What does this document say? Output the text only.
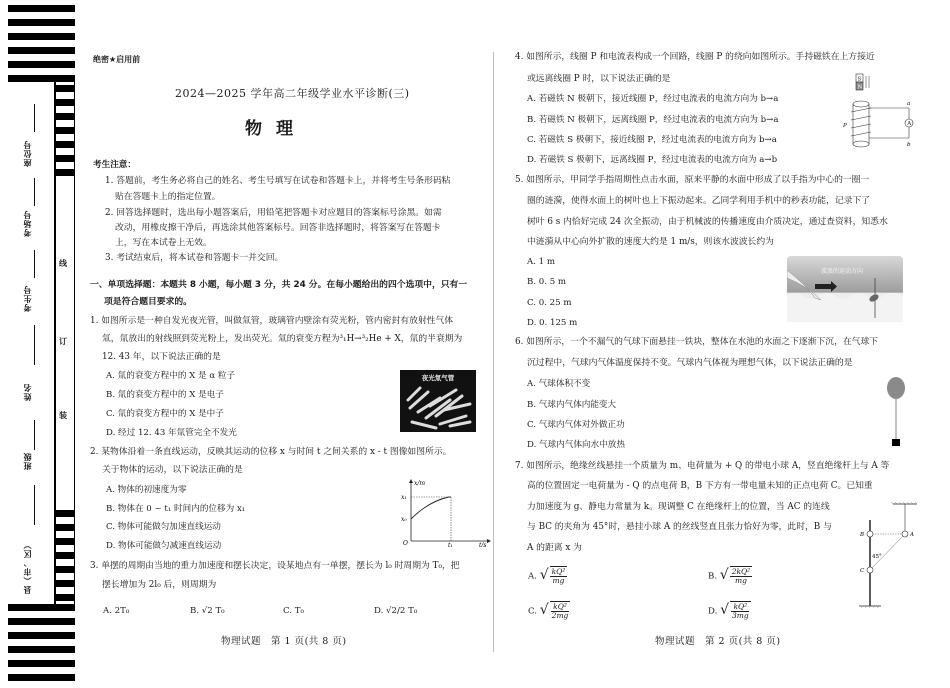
座位号
考场号
考生号
姓名
班级
县（市、区）
线
订
装
绝密★启用前
2024—2025 学年高二年级学业水平诊断(三)
物理
考生注意：
1. 答题前，考生务必将自己的姓名、考生号填写在试卷和答题卡上，并将考生号条形码粘
贴在答题卡上的指定位置。
2. 回答选择题时，选出每小题答案后，用铅笔把答题卡对应题目的答案标号涂黑。如需
改动，用橡皮擦干净后，再选涂其他答案标号。回答非选择题时，将答案写在答题卡
上，写在本试卷上无效。
3. 考试结束后，将本试卷和答题卡一并交回。
一、单项选择题：本题共 8 小题，每小题 3 分，共 24 分。在每小题给出的四个选项中，只有一
项是符合题目要求的。
1. 如图所示是一种自发光夜光管，叫做氚管，玻璃管内壁涂有荧光粉，管内密封有放射性气体
氚，氚放出的射线照到荧光粉上，发出荧光。氚的衰变方程为³₁H→³₂He + X，氚的半衰期为
12. 43 年，以下说法正确的是
A. 氚的衰变方程中的 X 是 α 粒子
B. 氚的衰变方程中的 X 是电子
C. 氚的衰变方程中的 X 是中子
D. 经过 12. 43 年氚管完全不发光
夜光氚气管
2. 某物体沿着一条直线运动，反映其运动的位移 x 与时间 t 之间关系的 x - t 图像如图所示。
关于物体的运动，以下说法正确的是
A. 物体的初速度为零
B. 物体在 0 ~ t₁ 时间内的位移为 x₁
C. 物体可能做匀加速直线运动
D. 物体可能做匀减速直线运动
x/m
t/s
O
x₁
x₀
t₁
3. 单摆的周期由当地的重力加速度和摆长决定，设某地点有一单摆，摆长为 l₀ 时周期为 T₀，把
摆长增加为 2l₀ 后，则周期为
A. 2T₀	B. √2 T₀	C. T₀	D. √2/2 T₀
物理试题　第 1 页(共 8 页)
4. 如图所示，线圈 P 和电流表构成一个回路，线圈 P 的绕向如图所示。手持磁铁在上方接近
或远离线圈 P 时，以下说法正确的是
A. 若磁铁 N 极朝下，接近线圈 P，经过电流表的电流方向为 b→a
B. 若磁铁 N 极朝下，远离线圈 P，经过电流表的电流方向为 b→a
C. 若磁铁 S 极朝下，接近线圈 P，经过电流表的电流方向为 b→a
D. 若磁铁 S 极朝下，远离线圈 P，经过电流表的电流方向为 a→b
S
N
A
P
a
b
5. 如图所示，甲同学手指周期性点击水面，原来平静的水面中形成了以手指为中心的一圈一
圈的涟漪，使得水面上的树叶也上下振动起来。乙同学利用手机中的秒表功能，记录下了
树叶 6 s 内恰好完成 24 次全振动，由于机械波的传播速度由介质决定，通过查资料，知悉水
中涟漪从中心向外扩散的速度大约是 1 m/s，则该水波波长约为
A. 1 m
B. 0. 5 m
C. 0. 25 m
D. 0. 125 m
波浪的运动方向
6. 如图所示，一个不漏气的气球下面悬挂一铁块，整体在水池的水面之下逐渐下沉，在气球下
沉过程中，气球内气体温度保持不变。气球内气体视为理想气体，以下说法正确的是
A. 气球体积不变
B. 气球内气体内能变大
C. 气球内气体对外做正功
D. 气球内气体向水中放热
7. 如图所示，绝缘丝线悬挂一个质量为 m、电荷量为 + Q 的带电小球 A，竖直绝缘杆上与 A 等
高的位置固定一电荷量为 - Q 的点电荷 B，B 下方有一带电量未知的正点电荷 C。已知重
力加速度为 g、静电力常量为 k。现调整 C 在绝缘杆上的位置，当 AC 的连线
与 BC 的夹角为 45°时，悬挂小球 A 的丝线竖直且张力恰好为零，此时，B 与
A 的距离 x 为
A. √ $\frac{\text{kQ²}}{mg}$	B. √ $\frac{\text{2kQ²}}{mg}$
C. √ $\frac{\text{kQ²}}{2mg}$	D. √ $\frac{\text{kQ²}}{3mg}$
B	A
C
45°
物理试题　第 2 页(共 8 页)
